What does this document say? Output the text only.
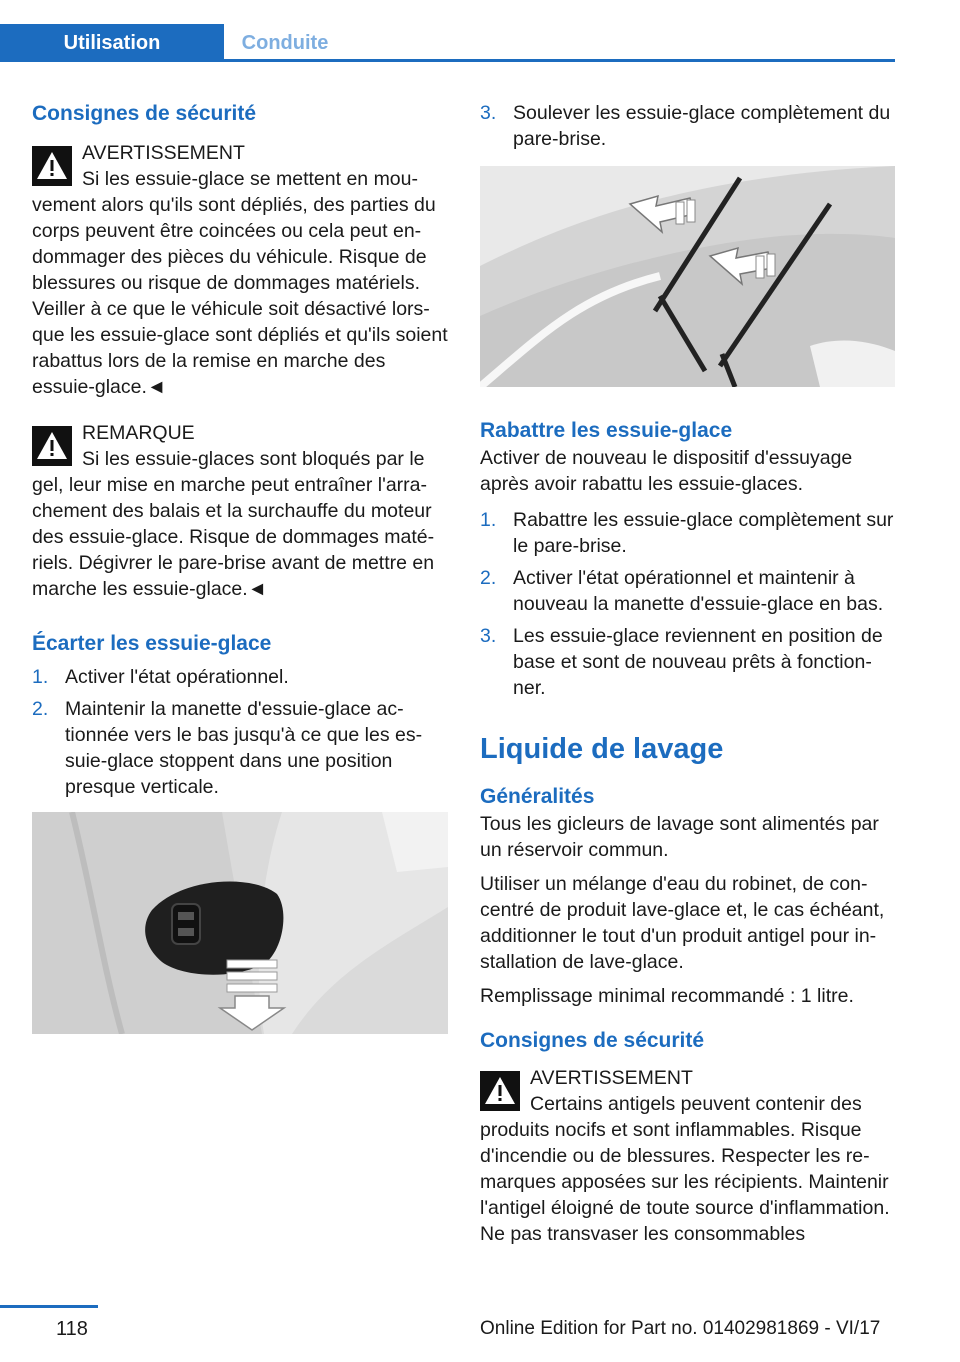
Utilisation	Conduite
Consignes de sécurité
AVERTISSEMENT

Si les essuie-glace se mettent en mouvement alors qu'ils sont dépliés, des parties du corps peuvent être coincées ou cela peut endommager des pièces du véhicule. Risque de blessures ou risque de dommages matériels. Veiller à ce que le véhicule soit désactivé lorsque les essuie-glace sont dépliés et qu'ils soient rabattus lors de la remise en marche des essuie-glace.◄

REMARQUE

Si les essuie-glaces sont bloqués par le gel, leur mise en marche peut entraîner l'arrachement des balais et la surchauffe du moteur des essuie-glace. Risque de dommages matériels. Dégivrer le pare-brise avant de mettre en marche les essuie-glace.◄

Écarter les essuie-glace
1. Activer l'état opérationnel.
2. Maintenir la manette d'essuie-glace actionnée vers le bas jusqu'à ce que les essuie-glace stoppent dans une position presque verticale.
3. Soulever les essuie-glace complètement du pare-brise.
Rabattre les essuie-glace

Activer de nouveau le dispositif d'essuyage après avoir rabattu les essuie-glaces.

1. Rabattre les essuie-glace complètement sur le pare-brise.
2. Activer l'état opérationnel et maintenir à nouveau la manette d'essuie-glace en bas.
3. Les essuie-glace reviennent en position de base et sont de nouveau prêts à fonctionner.
Liquide de lavage
Généralités

Tous les gicleurs de lavage sont alimentés par un réservoir commun.

Utiliser un mélange d'eau du robinet, de concentré de produit lave-glace et, le cas échéant, additionner le tout d'un produit antigel pour installation de lave-glace.

Remplissage minimal recommandé : 1 litre.

Consignes de sécurité
AVERTISSEMENT

Certains antigels peuvent contenir des produits nocifs et sont inflammables. Risque d'incendie ou de blessures. Respecter les remarques apposées sur les récipients. Maintenir l'antigel éloigné de toute source d'inflammation. Ne pas transvaser les consommables

118	Online Edition for Part no. 01402981869 - VI/17
